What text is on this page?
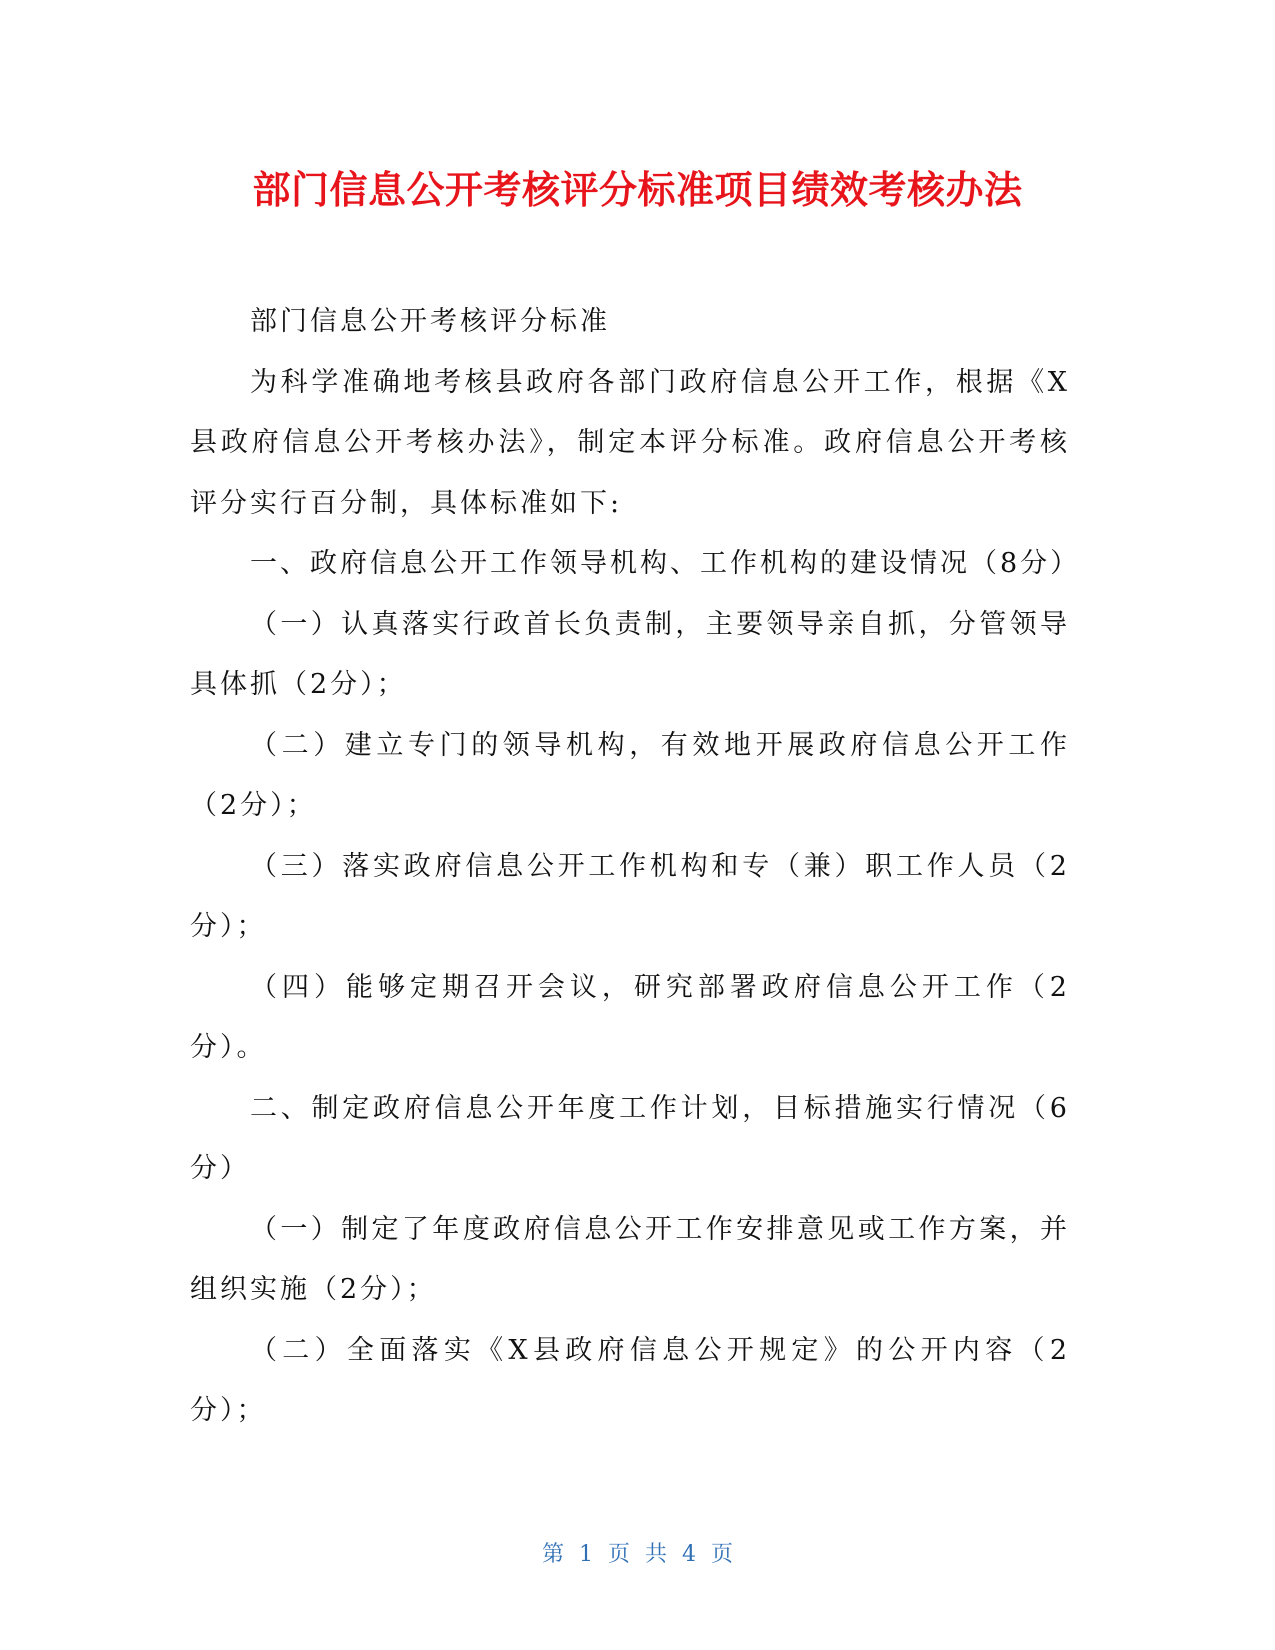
部门信息公开考核评分标准项目绩效考核办法

部门信息公开考核评分标准

为科学准确地考核县政府各部门政府信息公开工作，根据《X县政府信息公开考核办法》，制定本评分标准。政府信息公开考核评分实行百分制，具体标准如下:

一、政府信息公开工作领导机构、工作机构的建设情况（8分）

（一）认真落实行政首长负责制，主要领导亲自抓，分管领导具体抓（2分）；

（二）建立专门的领导机构，有效地开展政府信息公开工作（2分）；

（三）落实政府信息公开工作机构和专（兼）职工作人员（2分）；

（四）能够定期召开会议，研究部署政府信息公开工作（2分）。

二、制定政府信息公开年度工作计划，目标措施实行情况（6分）

（一）制定了年度政府信息公开工作安排意见或工作方案，并组织实施（2分）；

（二）全面落实《X县政府信息公开规定》的公开内容（2分）；

第 1 页 共 4 页
